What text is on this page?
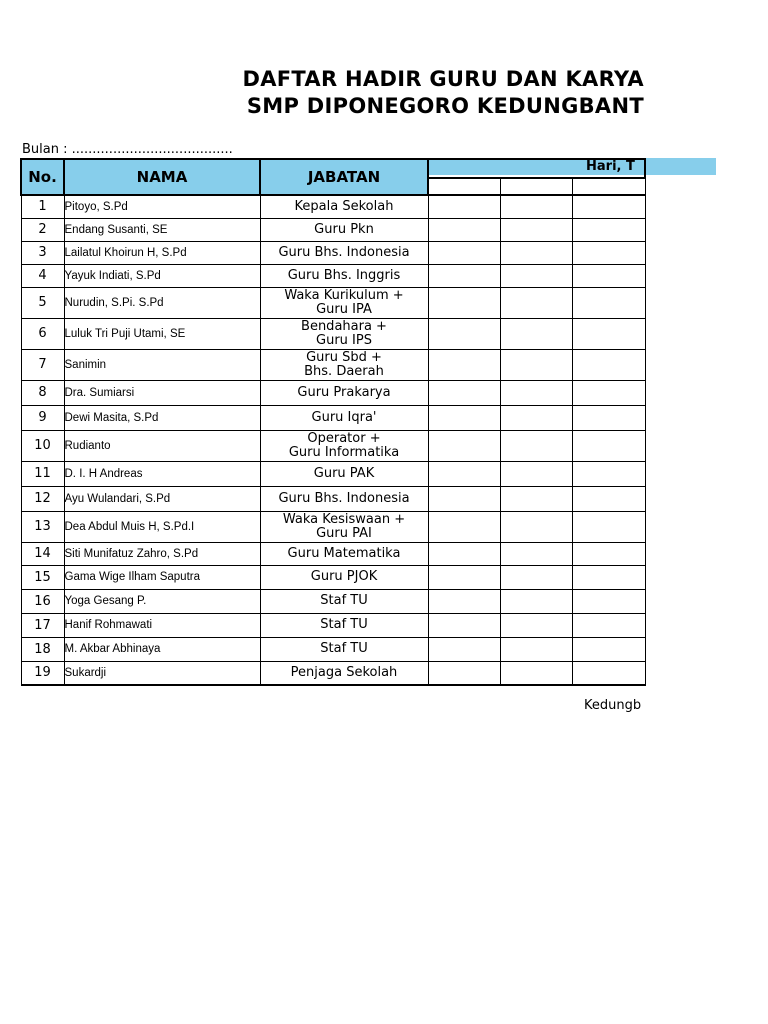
DAFTAR HADIR GURU DAN KARYA
SMP DIPONEGORO KEDUNGBANT
Bulan : .......................................
Hari, T
No.	NAMA	JABATAN			

1	Pitoyo, S.Pd	Kepala Sekolah			

2	Endang Susanti, SE	Guru Pkn			

3	Lailatul Khoirun H, S.Pd	Guru Bhs. Indonesia			

4	Yayuk Indiati, S.Pd	Guru Bhs. Inggris			

5	Nurudin, S.Pi. S.Pd	Waka Kurikulum +
Guru IPA			

6	Luluk Tri Puji Utami, SE	Bendahara +
Guru IPS			

7	Sanimin	Guru Sbd +
Bhs. Daerah			

8	Dra. Sumiarsi	Guru Prakarya			

9	Dewi Masita, S.Pd	Guru Iqra'			

10	Rudianto	Operator +
Guru Informatika			

11	D. I. H Andreas	Guru PAK			

12	Ayu Wulandari, S.Pd	Guru Bhs. Indonesia			

13	Dea Abdul Muis H, S.Pd.I	Waka Kesiswaan +
Guru PAI			

14	Siti Munifatuz Zahro, S.Pd	Guru Matematika			

15	Gama Wige Ilham Saputra	Guru PJOK			

16	Yoga Gesang P.	Staf TU			

17	Hanif Rohmawati	Staf TU			

18	M. Akbar Abhinaya	Staf TU			

19	Sukardji	Penjaga Sekolah			

Kedungb
